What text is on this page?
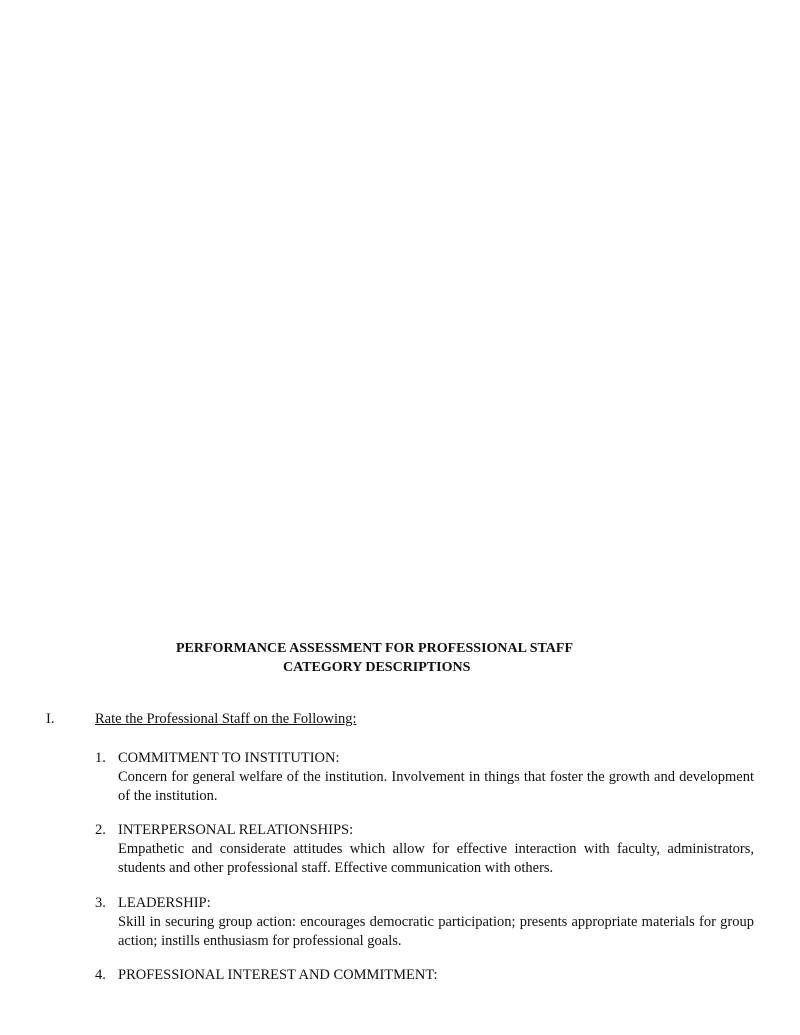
PERFORMANCE ASSESSMENT FOR PROFESSIONAL STAFF
CATEGORY DESCRIPTIONS
I.	Rate the Professional Staff on the Following:
1. COMMITMENT TO INSTITUTION:
Concern for general welfare of the institution. Involvement in things that foster the growth and development of the institution.
2. INTERPERSONAL RELATIONSHIPS:
Empathetic and considerate attitudes which allow for effective interaction with faculty, administrators, students and other professional staff. Effective communication with others.
3. LEADERSHIP:
Skill in securing group action: encourages democratic participation; presents appropriate materials for group action; instills enthusiasm for professional goals.
4. PROFESSIONAL INTEREST AND COMMITMENT:
